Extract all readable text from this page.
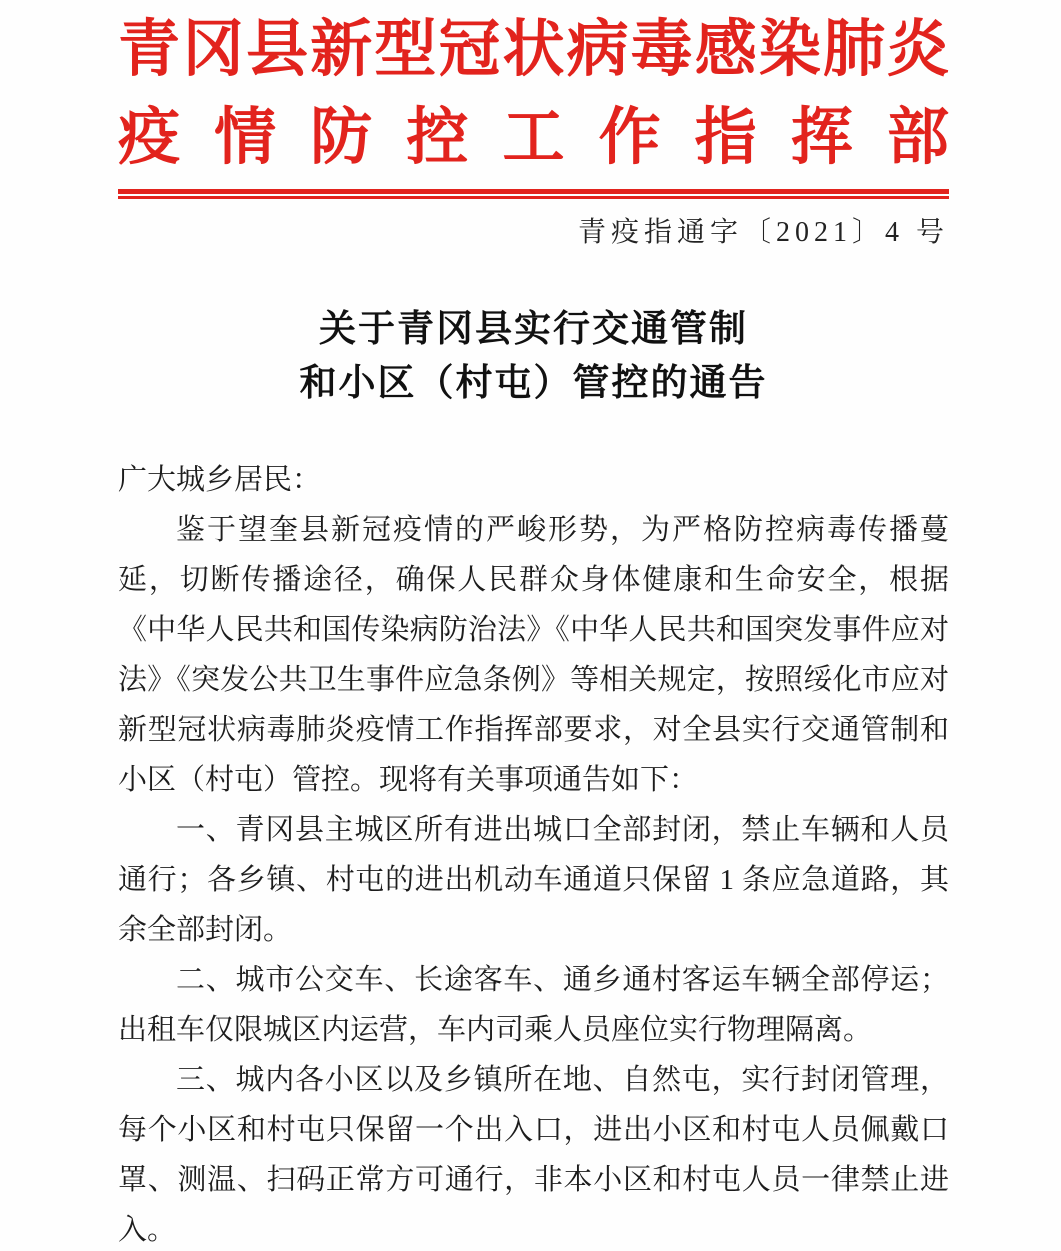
青冈县新型冠状病毒感染肺炎
疫情防控工作指挥部
青疫指通字〔2021〕4 号
关于青冈县实行交通管制
和小区（村屯）管控的通告

广大城乡居民：

鉴于望奎县新冠疫情的严峻形势，为严格防控病毒传播蔓延，切断传播途径，确保人民群众身体健康和生命安全，根据《中华人民共和国传染病防治法》《中华人民共和国突发事件应对法》《突发公共卫生事件应急条例》等相关规定，按照绥化市应对新型冠状病毒肺炎疫情工作指挥部要求，对全县实行交通管制和小区（村屯）管控。现将有关事项通告如下：

一、青冈县主城区所有进出城口全部封闭，禁止车辆和人员通行；各乡镇、村屯的进出机动车通道只保留 1 条应急道路，其余全部封闭。

二、城市公交车、长途客车、通乡通村客运车辆全部停运；出租车仅限城区内运营，车内司乘人员座位实行物理隔离。

三、城内各小区以及乡镇所在地、自然屯，实行封闭管理，每个小区和村屯只保留一个出入口，进出小区和村屯人员佩戴口罩、测温、扫码正常方可通行，非本小区和村屯人员一律禁止进入。
